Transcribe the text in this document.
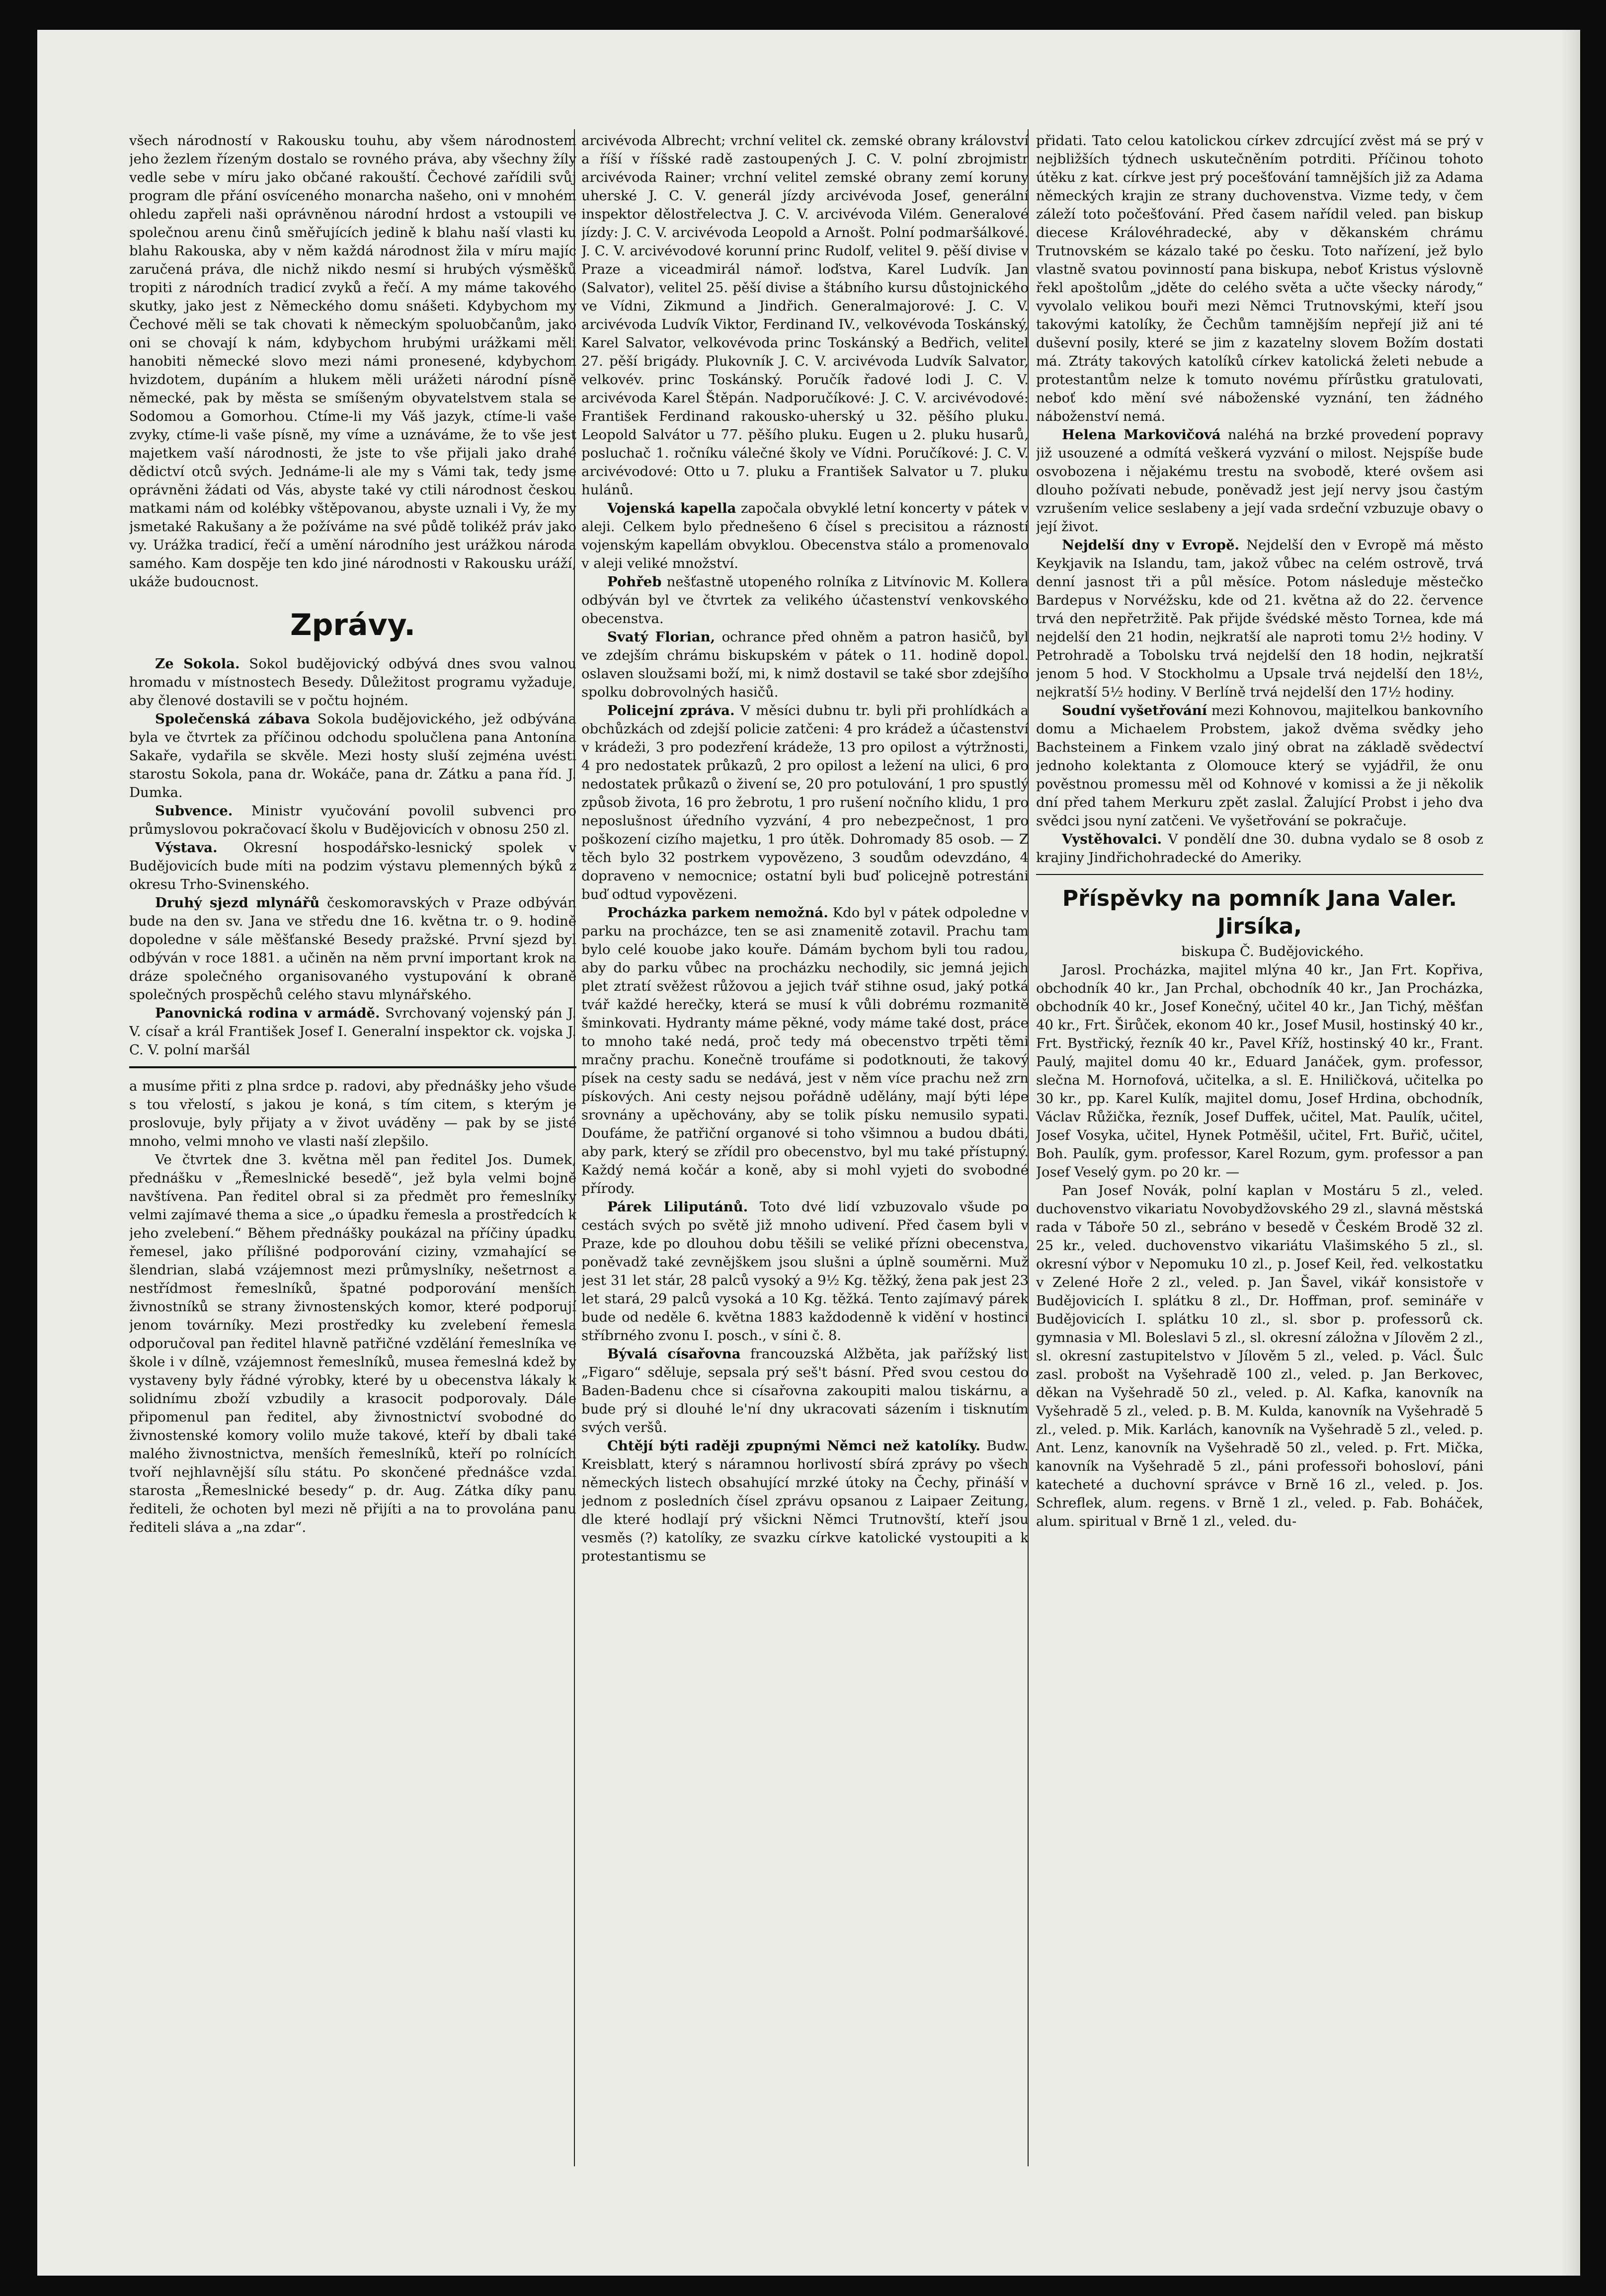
všech národností v Rakousku touhu, aby všem národnostem jeho žezlem řízeným dostalo se rovného práva, aby všechny žíly vedle sebe v míru jako občané rakouští. Čechové zařídili svůj program dle přání osvíceného monarcha našeho, oni v mnohém ohledu zapřeli naši oprávněnou národní hrdost a vstoupili ve společnou arenu činů směřujících jedině k blahu naší vlasti ku blahu Rakouska, aby v něm každá národnost žila v míru majíc zaručená práva, dle nichž nikdo nesmí si hrubých výsměšků tropiti z národních tradicí zvyků a řečí. A my máme takového skutky, jako jest z Německého domu snášeti. Kdybychom my Čechové měli se tak chovati k německým spoluobčanům, jako oni se chovají k nám, kdybychom hrubými urážkami měli hanobiti německé slovo mezi námi pronesené, kdybychom hvizdotem, dupáním a hlukem měli urážeti národní písně německé, pak by města se smíšeným obyvatelstvem stala se Sodomou a Gomorhou. Ctíme-li my Váš jazyk, ctíme-li vaše zvyky, ctíme-li vaše písně, my víme a uznáváme, že to vše jest majetkem vaší národnosti, že jste to vše přijali jako drahé dědictví otců svých. Jednáme-li ale my s Vámi tak, tedy jsme oprávněni žádati od Vás, abyste také vy ctili národnost českou matkami nám od kolébky vštěpovanou, abyste uznali i Vy, že my jsmetaké Rakušany a že požíváme na své půdě tolikéž práv jako vy. Urážka tradicí, řečí a umění národního jest urážkou národa samého. Kam dospěje ten kdo jiné národnosti v Rakousku uráží, ukáže budoucnost.

Zprávy.

Ze Sokola. Sokol budějovický odbývá dnes svou valnou hromadu v místnostech Besedy. Důležitost programu vyžaduje, aby členové dostavili se v počtu hojném.

Společenská zábava Sokola budějovického, jež odbývána byla ve čtvrtek za příčinou odchodu spolučlena pana Antonína Sakaře, vydařila se skvěle. Mezi hosty sluší zejména uvésti starostu Sokola, pana dr. Wokáče, pana dr. Zátku a pana říd. J. Dumka.

Subvence. Ministr vyučování povolil subvenci pro průmyslovou pokračovací školu v Budějovicích v obnosu 250 zl.

Výstava. Okresní hospodářsko-lesnický spolek v Budějovicích bude míti na podzim výstavu plemenných býků z okresu Trho-Svinenského.

Druhý sjezd mlynářů českomoravských v Praze odbýván bude na den sv. Jana ve středu dne 16. května tr. o 9. hodině dopoledne v sále měšťanské Besedy pražské. První sjezd byl odbýván v roce 1881. a učiněn na něm první important krok na dráze společného organisovaného vystupování k obraně společných prospěchů celého stavu mlynářského.

Panovnická rodina v armádě. Svrchovaný vojenský pán J. V. císař a král František Josef I. Generalní inspektor ck. vojska J. C. V. polní maršál

a musíme přiti z plna srdce p. radovi, aby přednášky jeho všude s tou vřelostí, s jakou je koná, s tím citem, s kterým je proslovuje, byly přijaty a v život uváděny — pak by se jisté mnoho, velmi mnoho ve vlasti naší zlepšilo.

Ve čtvrtek dne 3. května měl pan ředitel Jos. Dumek, přednášku v „Řemeslnické besedě“, jež byla velmi bojně navštívena. Pan ředitel obral si za předmět pro řemeslníky velmi zajímavé thema a sice „o úpadku řemesla a prostředcích k jeho zvelebení.“ Během přednášky poukázal na příčiny úpadku řemesel, jako přílišné podporování ciziny, vzmahající se šlendrian, slabá vzájemnost mezi průmyslníky, nešetrnost a nestřídmost řemeslníků, špatné podporování menších živnostníků se strany živnostenských komor, které podporují jenom továrníky. Mezi prostředky ku zvelebení řemesla odporučoval pan ředitel hlavně patřičné vzdělání řemeslníka ve škole i v dílně, vzájemnost řemeslníků, musea řemeslná kdež by vystaveny byly řádné výrobky, které by u obecenstva lákaly k solidnímu zboží vzbudily a krasocit podporovaly. Dále připomenul pan ředitel, aby živnostnictví svobodné do živnostenské komory volilo muže takové, kteří by dbali také malého živnostnictva, menších řemeslníků, kteří po rolnících tvoří nejhlavnější sílu státu. Po skončené přednášce vzdal starosta „Řemeslnické besedy“ p. dr. Aug. Zátka díky panu řediteli, že ochoten byl mezi ně přijíti a na to provolána panu řediteli sláva a „na zdar“.

arcivévoda Albrecht; vrchní velitel ck. zemské obrany království a říší v říšské radě zastoupených J. C. V. polní zbrojmistr arcivévoda Rainer; vrchní velitel zemské obrany zemí koruny uherské J. C. V. generál jízdy arcivévoda Josef, generální inspektor dělostřelectva J. C. V. arcivévoda Vilém. Generalové jízdy: J. C. V. arcivévoda Leopold a Arnošt. Polní podmaršálkové. J. C. V. arcivévodové korunní princ Rudolf, velitel 9. pěší divise v Praze a viceadmirál námoř. loďstva, Karel Ludvík. Jan (Salvator), velitel 25. pěší divise a štábního kursu důstojnického ve Vídni, Zikmund a Jindřich. Generalmajorové: J. C. V. arcivévoda Ludvík Viktor, Ferdinand IV., velkovévoda Toskánský, Karel Salvator, velkovévoda princ Toskánský a Bedřich, velitel 27. pěší brigády. Plukovník J. C. V. arcivévoda Ludvík Salvator, velkovév. princ Toskánský. Poručík řadové lodi J. C. V. arcivévoda Karel Štěpán. Nadporučíkové: J. C. V. arcivévodové: František Ferdinand rakousko-uherský u 32. pěšího pluku. Leopold Salvátor u 77. pěšího pluku. Eugen u 2. pluku husarů, posluchač 1. ročníku válečné školy ve Vídni. Poručíkové: J. C. V. arcivévodové: Otto u 7. pluku a František Salvator u 7. pluku hulánů.

Vojenská kapella započala obvyklé letní koncerty v pátek v aleji. Celkem bylo přednešeno 6 čísel s precisitou a rázností vojenským kapellám obvyklou. Obecenstva stálo a promenovalo v aleji veliké množství.

Pohřeb nešťastně utopeného rolníka z Litvínovic M. Kollera odbýván byl ve čtvrtek za velikého účastenství venkovského obecenstva.

Svatý Florian, ochrance před ohněm a patron hasičů, byl ve zdejším chrámu biskupském v pátek o 11. hodině dopol. oslaven sloužsami boží, mi, k nimž dostavil se také sbor zdejšího spolku dobrovolných hasičů.

Policejní zpráva. V měsíci dubnu tr. byli při prohlídkách a obchůzkách od zdejší policie zatčeni: 4 pro krádež a účastenství v krádeži, 3 pro podezření krádeže, 13 pro opilost a výtržnosti, 4 pro nedostatek průkazů, 2 pro opilost a ležení na ulici, 6 pro nedostatek průkazů o živení se, 20 pro potulování, 1 pro spustlý způsob života, 16 pro žebrotu, 1 pro rušení nočního klidu, 1 pro neposlušnost úředního vyzvání, 4 pro nebezpečnost, 1 pro poškození cizího majetku, 1 pro útěk. Dohromady 85 osob. — Z těch bylo 32 postrkem vypovězeno, 3 soudům odevzdáno, 4 dopraveno v nemocnice; ostatní byli buď policejně potrestáni buď odtud vypovězeni.

Procházka parkem nemožná. Kdo byl v pátek odpoledne v parku na procházce, ten se asi znamenitě zotavil. Prachu tam bylo celé kouobe jako kouře. Dámám bychom byli tou radou, aby do parku vůbec na procházku nechodily, sic jemná jejich plet ztratí svěžest růžovou a jejich tvář stihne osud, jaký potká tvář každé herečky, která se musí k vůli dobrému rozmanitě šminkovati. Hydranty máme pěkné, vody máme také dost, práce to mnoho také nedá, proč tedy má obecenstvo trpěti těmi mračny prachu. Konečně troufáme si podotknouti, že takový písek na cesty sadu se nedává, jest v něm více prachu než zrn pískových. Ani cesty nejsou pořádně udělány, mají býti lépe srovnány a upěchovány, aby se tolik písku nemusilo sypati. Doufáme, že patřiční organové si toho všimnou a budou dbáti, aby park, který se zřídil pro obecenstvo, byl mu také přístupný. Každý nemá kočár a koně, aby si mohl vyjeti do svobodné přírody.

Párek Liliputánů. Toto dvé lidí vzbuzovalo všude po cestách svých po světě již mnoho udivení. Před časem byli v Praze, kde po dlouhou dobu těšili se veliké přízni obecenstva, poněvadž také zevnějškem jsou slušni a úplně souměrni. Muž jest 31 let stár, 28 palců vysoký a 9½ Kg. těžký, žena pak jest 23 let stará, 29 palců vysoká a 10 Kg. těžká. Tento zajímavý párek bude od neděle 6. května 1883 každodenně k vidění v hostinci stříbrného zvonu I. posch., v síni č. 8.

Bývalá císařovna francouzská Alžběta, jak pařížský list „Figaro“ sděluje, sepsala prý seš't básní. Před svou cestou do Baden-Badenu chce si císařovna zakoupiti malou tiskárnu, a bude prý si dlouhé le'ní dny ukracovati sázením i tisknutím svých veršů.

Chtějí býti raději zpupnými Němci než katolíky. Budw. Kreisblatt, který s náramnou horlivostí sbírá zprávy po všech německých listech obsahující mrzké útoky na Čechy, přináší v jednom z posledních čísel zprávu opsanou z Laipaer Zeitung, dle které hodlají prý všickni Němci Trutnovští, kteří jsou vesměs (?) katolíky, ze svazku církve katolické vystoupiti a k protestantismu se

přidati. Tato celou katolickou církev zdrcující zvěst má se prý v nejbližších týdnech uskutečněním potrditi. Příčinou tohoto útěku z kat. církve jest prý pocešťování tamnějších již za Adama německých krajin ze strany duchovenstva. Vizme tedy, v čem záleží toto počešťování. Před časem nařídil veled. pan biskup diecese Královéhradecké, aby v děkanském chrámu Trutnovském se kázalo také po česku. Toto nařízení, jež bylo vlastně svatou povinností pana biskupa, neboť Kristus výslovně řekl apoštolům „jděte do celého světa a učte všecky národy,“ vyvolalo velikou bouři mezi Němci Trutnovskými, kteří jsou takovými katolíky, že Čechům tamnějším nepřejí již ani té duševní posily, které se jim z kazatelny slovem Božím dostati má. Ztráty takových katolíků církev katolická želeti nebude a protestantům nelze k tomuto novému přírůstku gratulovati, neboť kdo mění své náboženské vyznání, ten žádného náboženství nemá.

Helena Markovičová naléhá na brzké provedení popravy již usouzené a odmítá veškerá vyzvání o milost. Nejspíše bude osvobozena i nějakému trestu na svobodě, které ovšem asi dlouho požívati nebude, poněvadž jest její nervy jsou častým vzrušením velice seslabeny a její vada srdeční vzbuzuje obavy o její život.

Nejdelší dny v Evropě. Nejdelší den v Evropě má město Keykjavik na Islandu, tam, jakož vůbec na celém ostrově, trvá denní jasnost tři a půl měsíce. Potom následuje městečko Bardepus v Norvéžsku, kde od 21. května až do 22. července trvá den nepřetržitě. Pak přijde švédské město Tornea, kde má nejdelší den 21 hodin, nejkratší ale naproti tomu 2½ hodiny. V Petrohradě a Tobolsku trvá nejdelší den 18 hodin, nejkratší jenom 5 hod. V Stockholmu a Upsale trvá nejdelší den 18½, nejkratší 5½ hodiny. V Berlíně trvá nejdelší den 17½ hodiny.

Soudní vyšetřování mezi Kohnovou, majitelkou bankovního domu a Michaelem Probstem, jakož dvěma svědky jeho Bachsteinem a Finkem vzalo jiný obrat na základě svědectví jednoho kolektanta z Olomouce který se vyjádřil, že onu pověstnou promessu měl od Kohnové v komissi a že ji několik dní před tahem Merkuru zpět zaslal. Žalující Probst i jeho dva svědci jsou nyní zatčeni. Ve vyšetřování se pokračuje.

Vystěhovalci. V pondělí dne 30. dubna vydalo se 8 osob z krajiny Jindřichohradecké do Ameriky.

Příspěvky na pomník Jana Valer. Jirsíka,

biskupa Č. Budějovického.

Jarosl. Procházka, majitel mlýna 40 kr., Jan Frt. Kopřiva, obchodník 40 kr., Jan Prchal, obchodník 40 kr., Jan Procházka, obchodník 40 kr., Josef Konečný, učitel 40 kr., Jan Tichý, měšťan 40 kr., Frt. Širůček, ekonom 40 kr., Josef Musil, hostinský 40 kr., Frt. Bystřický, řezník 40 kr., Pavel Kříž, hostinský 40 kr., Frant. Paulý, majitel domu 40 kr., Eduard Janáček, gym. professor, slečna M. Hornofová, učitelka, a sl. E. Hniličková, učitelka po 30 kr., pp. Karel Kulík, majitel domu, Josef Hrdina, obchodník, Václav Růžička, řezník, Josef Duffek, učitel, Mat. Paulík, učitel, Josef Vosyka, učitel, Hynek Potměšil, učitel, Frt. Buřič, učitel, Boh. Paulík, gym. professor, Karel Rozum, gym. professor a pan Josef Veselý gym. po 20 kr. —

Pan Josef Novák, polní kaplan v Mostáru 5 zl., veled. duchovenstvo vikariatu Novobydžovského 29 zl., slavná městská rada v Táboře 50 zl., sebráno v besedě v Českém Brodě 32 zl. 25 kr., veled. duchovenstvo vikariátu Vlašimského 5 zl., sl. okresní výbor v Nepomuku 10 zl., p. Josef Keil, řed. velkostatku v Zelené Hoře 2 zl., veled. p. Jan Šavel, vikář konsistoře v Budějovicích I. splátku 8 zl., Dr. Hoffman, prof. semináře v Budějovicích I. splátku 10 zl., sl. sbor p. professorů ck. gymnasia v Ml. Boleslavi 5 zl., sl. okresní záložna v Jílověm 2 zl., sl. okresní zastupitelstvo v Jílověm 5 zl., veled. p. Václ. Šulc zasl. probošt na Vyšehradě 100 zl., veled. p. Jan Berkovec, děkan na Vyšehradě 50 zl., veled. p. Al. Kafka, kanovník na Vyšehradě 5 zl., veled. p. B. M. Kulda, kanovník na Vyšehradě 5 zl., veled. p. Mik. Karlách, kanovník na Vyšehradě 5 zl., veled. p. Ant. Lenz, kanovník na Vyšehradě 50 zl., veled. p. Frt. Mička, kanovník na Vyšehradě 5 zl., páni professoři bohosloví, páni katecheté a duchovní správce v Brně 16 zl., veled. p. Jos. Schreflek, alum. regens. v Brně 1 zl., veled. p. Fab. Boháček, alum. spiritual v Brně 1 zl., veled. du-
